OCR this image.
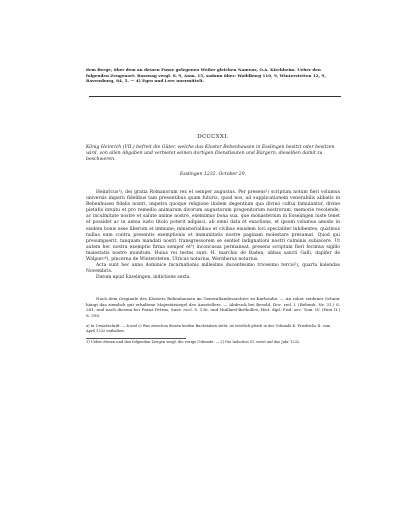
dem Berge, über dem an dessen Fusse gelegenen Weiler gleichen Namens, O.A. Kirchheim. Ueber den folgenden Zeugenort: Rosswag vergl. S. 9, Anm. 15, sodann über: Waiblburg 110, 9, Winterstetten 12, 9, Ravensburg, 84, 5. — 4) Egro und Lere unermittelt.
DCCCXXI.
König Heinrich (VII.) befreit die Güter, welche das Kloster Bebenhausen in Esslingen besitzt oder besitzen wird, von allen Abgaben und verbietet seinen dortigen Dienstleuten und Bürgern, dieselben damit zu beschweren.
Esslingen 1232. October 29.

Heinricus¹), dei gratia Romanorum rex et semper augustus. Per presens²) scriptum notum fieri volumus universis imperii fidelibus tam presentibus quam futuris, quod nos, ad supplicationem venerabilis abbatis in Bebenhusen fidelis nostri, impetra quoque religione ibidem degentium qua divinö cultui famulantur, divine pietatis intuitu et pro remedio animarum divorum augustorum progenitorum nostrorum, memorie recolende, ac inculmitate nostre et salute anime nostre, exemimus bona sua, que monasterium in Esselingen iuste tenet et possidet ac in antea iusto titulo poterit adipisci, ab omni data et exactione, et ipsum volumus amodo in eisdem bonis esse liberum et immune; ministerialibus et civibus eiusdem loci specialiter inhibentes, quatinus nullus eum contra presentis exemptionis et immunitatis nostre paginam molestare presumat. Quod qui presumpserit, tanquam mandati nostri transgressorem se sentiet indignationi nostri culminis subiacere. Ut autem hec nostra exemptio firma semper et³) inconcussa permaneat, presens scriptum fieri fecimus sigillo maiestatis nostre munitum. Huius rei testes sunt: H. marchio de Baden, abbas sancti Galli, dapifer de Walpurc⁴), pincerna de Wintersteten, Ulricus notarius, Wernherus notarius.

Acta sunt hec anno dominice incarnationis millesimo ducentesimo tricesimo tercio⁵), quarta kalendas Novembris.

Datum apud Ezzelingen, indictione sexta.

Nach dem Originale des Klosters Bebenhausen im Generallandesarchive zu Karlsruhe. — An roher seidener Schnur hängt das ziemlich gut erhaltene Majestätsiegel des Ausstellers. — Abdruck bei Besold, Doc. red. I. (Rebenh. Nr. 31.) S. 381, und nach diesem bei Franz Petrus, Suev. eccl. S. 136, und Huillard-Bréholles, Hist. dipl. Frid. sec. Tom. IV. (Pars II.) S. 590.

a) In Ursiabschrift. — b und c) Was zwischen diesen beiden Buchstaben steht, ist wörtlich gleich in der Urkunde K. Friedrichs II. vom April 1232 enthalten.
1) Ueber diesen und den folgenden Zeugen vergl. die vorige Urkunde. — 2) Die Indiction VI. weist auf das Jahr 1232.
